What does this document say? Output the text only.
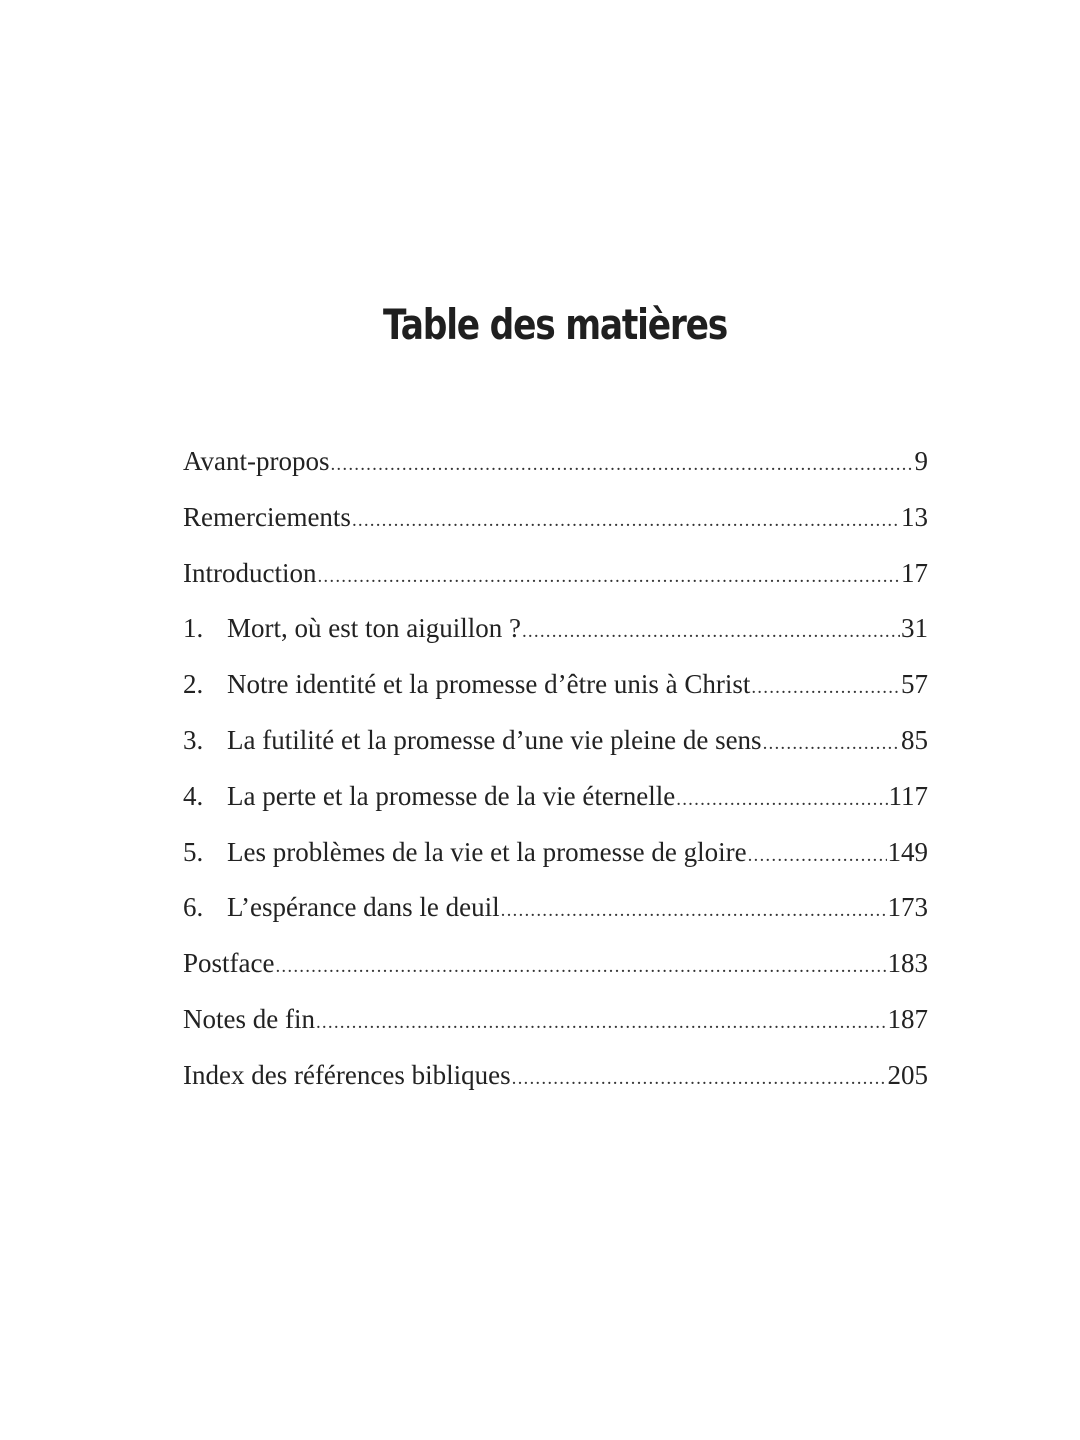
Table des matières
Avant-propos .....	9
Remerciements .....	13
Introduction .....	17
1. Mort, où est ton aiguillon ? .....	31
2. Notre identité et la promesse d’être unis à Christ .....	57
3. La futilité et la promesse d’une vie pleine de sens .....	85
4. La perte et la promesse de la vie éternelle .....	117
5. Les problèmes de la vie et la promesse de gloire .....	149
6. L’espérance dans le deuil .....	173
Postface .....	183
Notes de fin .....	187
Index des références bibliques .....	205
